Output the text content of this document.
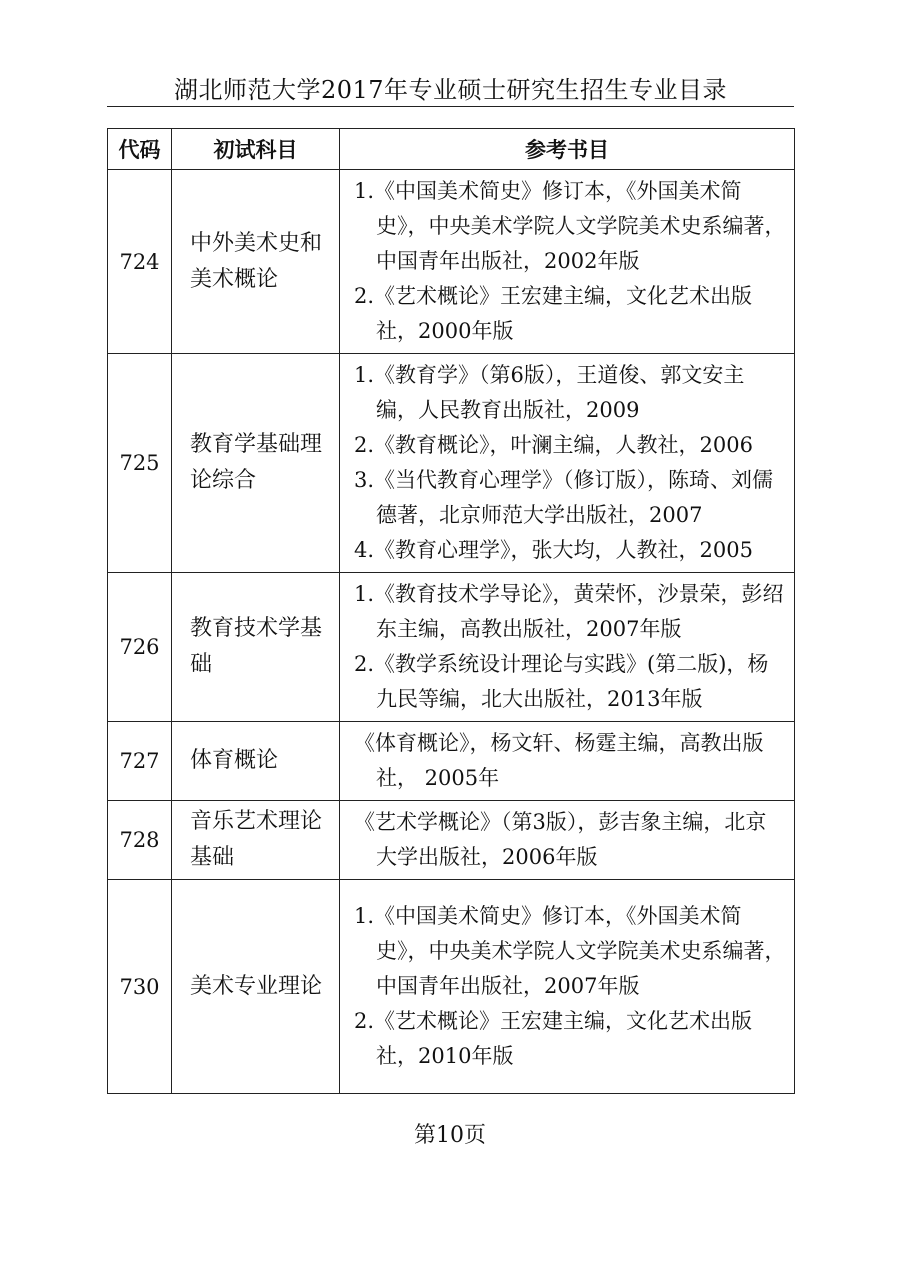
湖北师范大学2017年专业硕士研究生招生专业目录
代码	初试科目	参考书目
724	中外美术史和美术概论	1.《中国美术简史》修订本，《外国美术简史》，中央美术学院人文学院美术史系编著，中国青年出版社，2002年版
2.《艺术概论》王宏建主编，文化艺术出版社，2000年版

725	教育学基础理论综合	1.《教育学》（第6版），王道俊、郭文安主编，人民教育出版社，2009
2.《教育概论》，叶澜主编，人教社，2006
3.《当代教育心理学》（修订版），陈琦、刘儒德著，北京师范大学出版社，2007
4.《教育心理学》，张大均，人教社，2005

726	教育技术学基础	1.《教育技术学导论》，黄荣怀，沙景荣，彭绍东主编，高教出版社，2007年版
2.《教学系统设计理论与实践》(第二版)，杨九民等编，北大出版社，2013年版

727	体育概论	《体育概论》，杨文轩、杨霆主编，高教出版社， 2005年

728	音乐艺术理论基础	《艺术学概论》（第3版），彭吉象主编，北京大学出版社，2006年版

730	美术专业理论	1.《中国美术简史》修订本，《外国美术简史》，中央美术学院人文学院美术史系编著，中国青年出版社，2007年版
2.《艺术概论》王宏建主编，文化艺术出版社，2010年版
第10页
